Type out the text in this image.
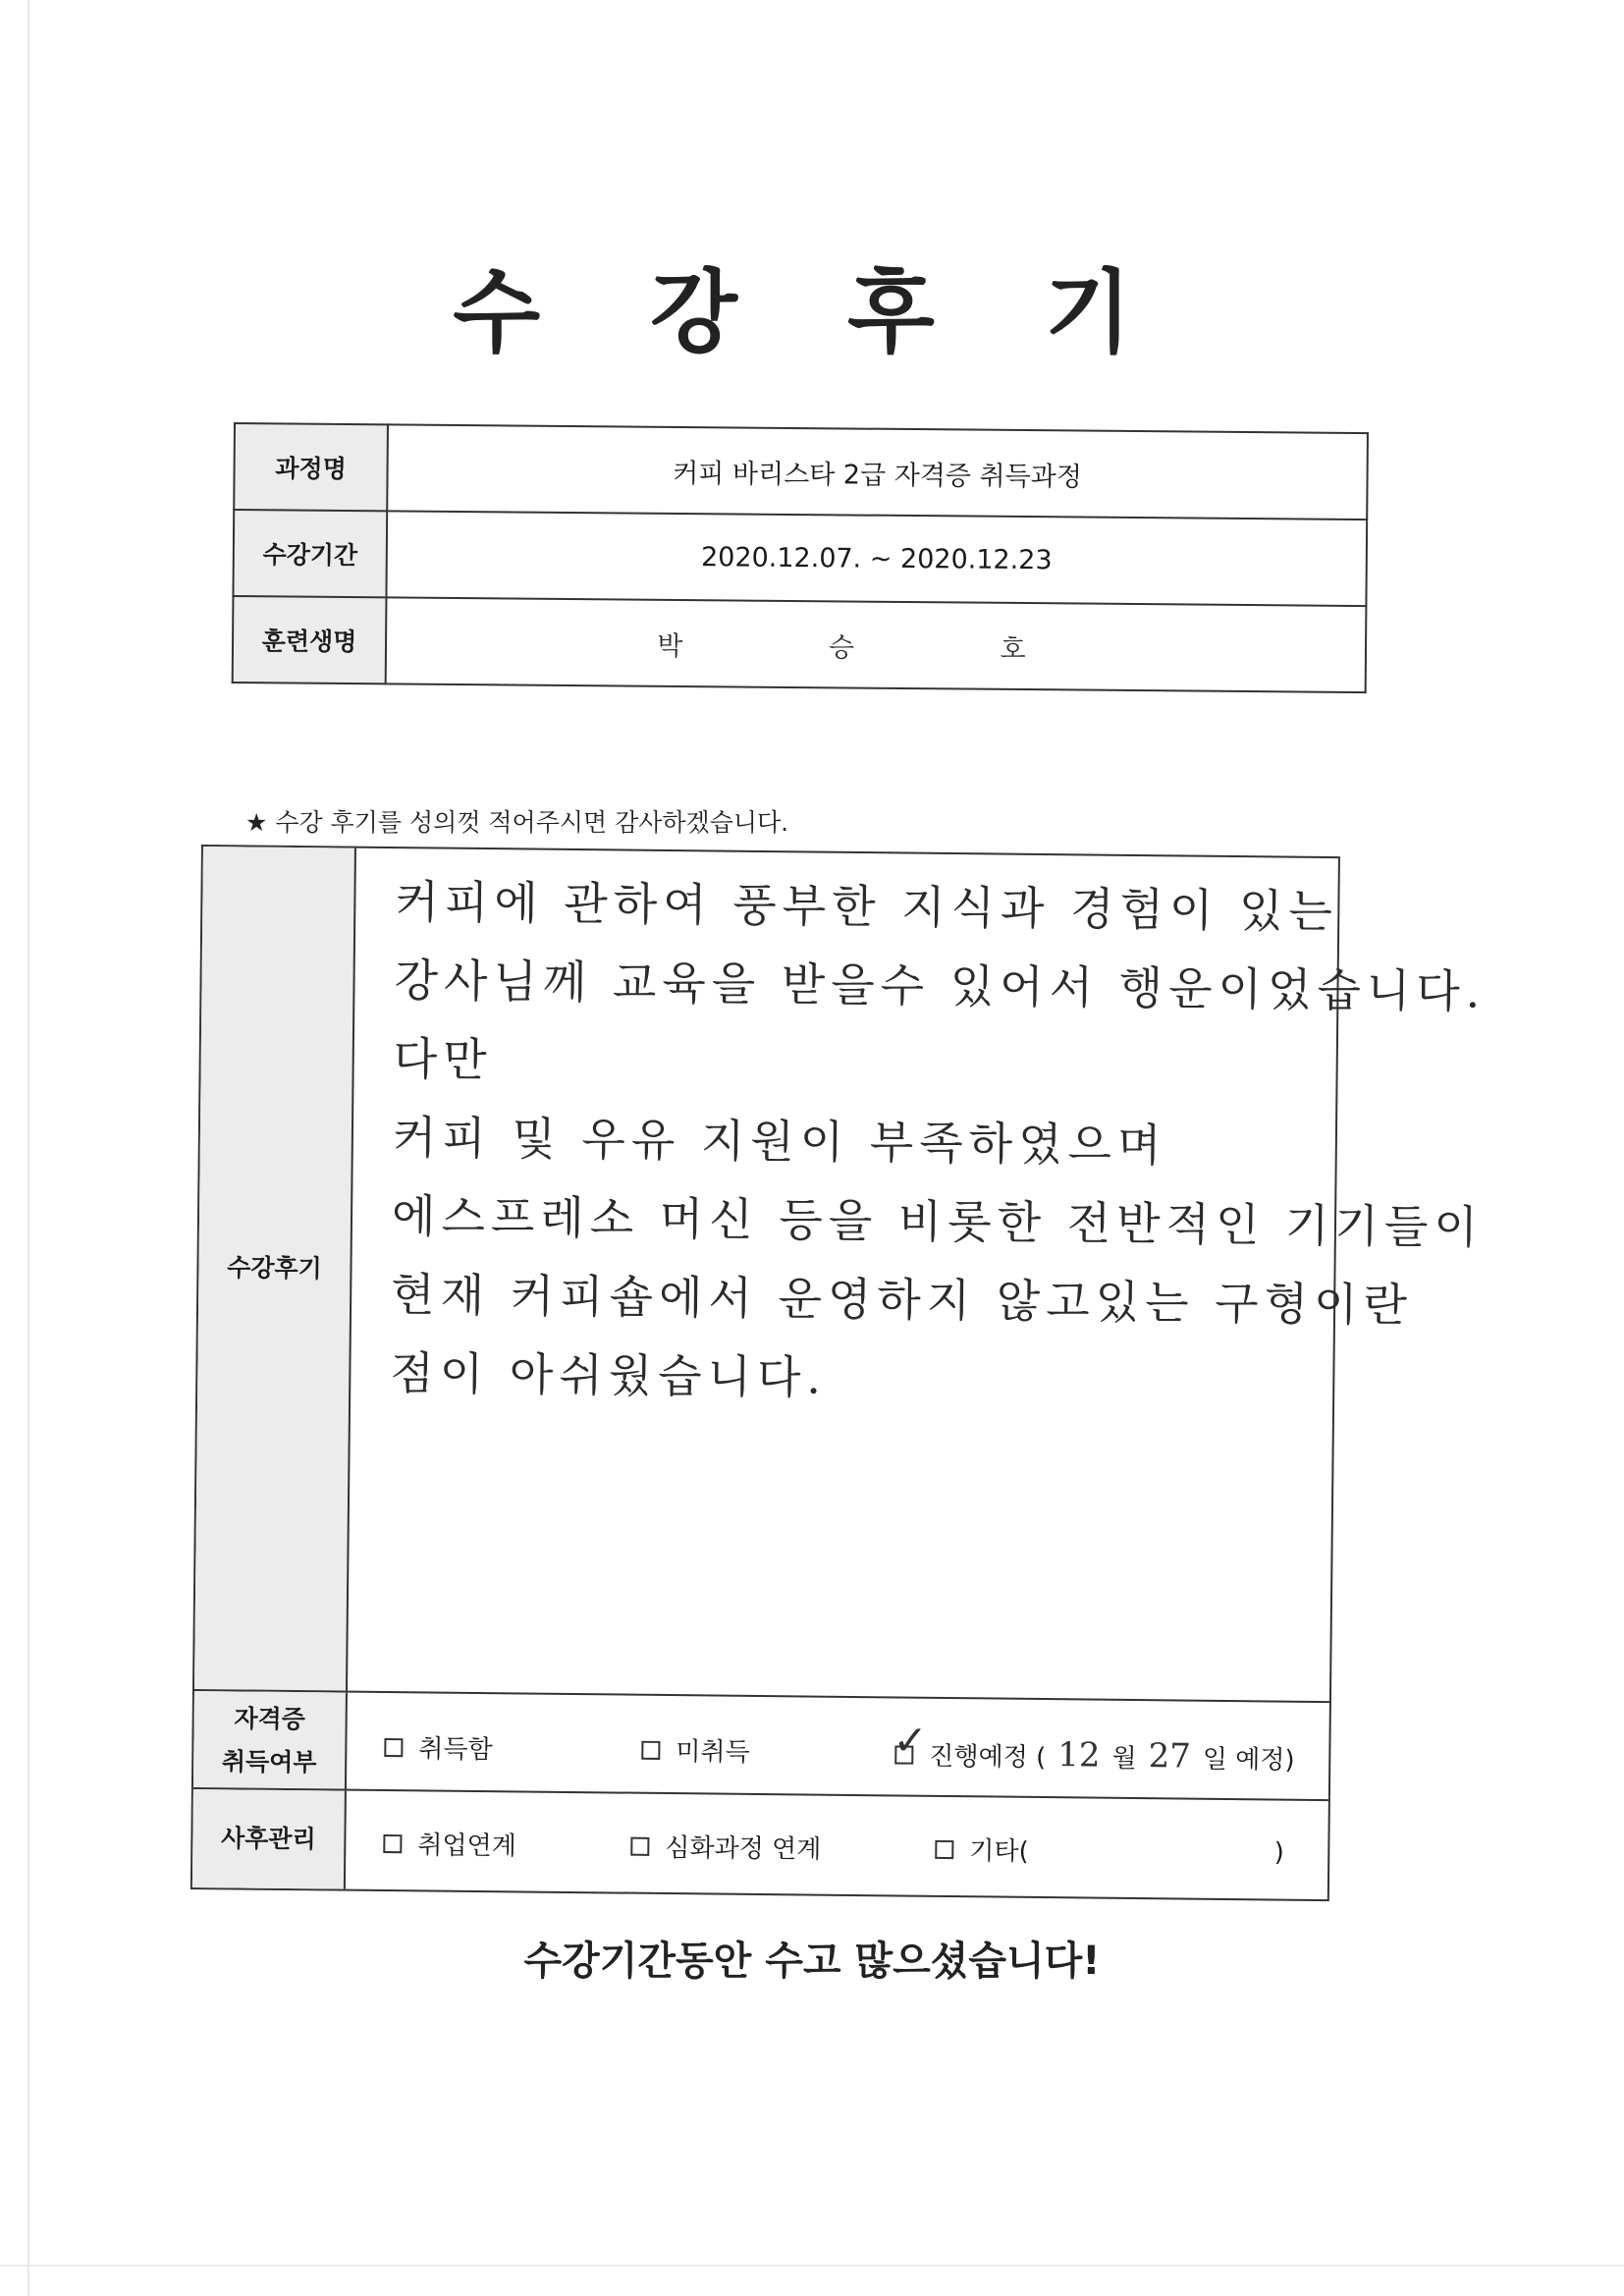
수 강 후 기
과정명	커피 바리스타 2급 자격증 취득과정
수강기간	2020.12.07. ~ 2020.12.23
훈련생명	박 승 호
★ 수강 후기를 성의껏 적어주시면 감사하겠습니다.
수강후기
커피에 관하여 풍부한 지식과 경험이 있는
강사님께 교육을 받을수 있어서 행운이었습니다.
다만
커피 및 우유 지원이 부족하였으며
에스프레소 머신 등을 비롯한 전반적인 기기들이
현재 커피숍에서 운영하지 않고있는 구형이란
점이 아쉬웠습니다.
자격증
취득여부	취득함	미취득	✓ 진행예정 ( 12 월 27 일 예정)
사후관리	취업연계	심화과정 연계	기타(	)
수강기간동안 수고 많으셨습니다!
